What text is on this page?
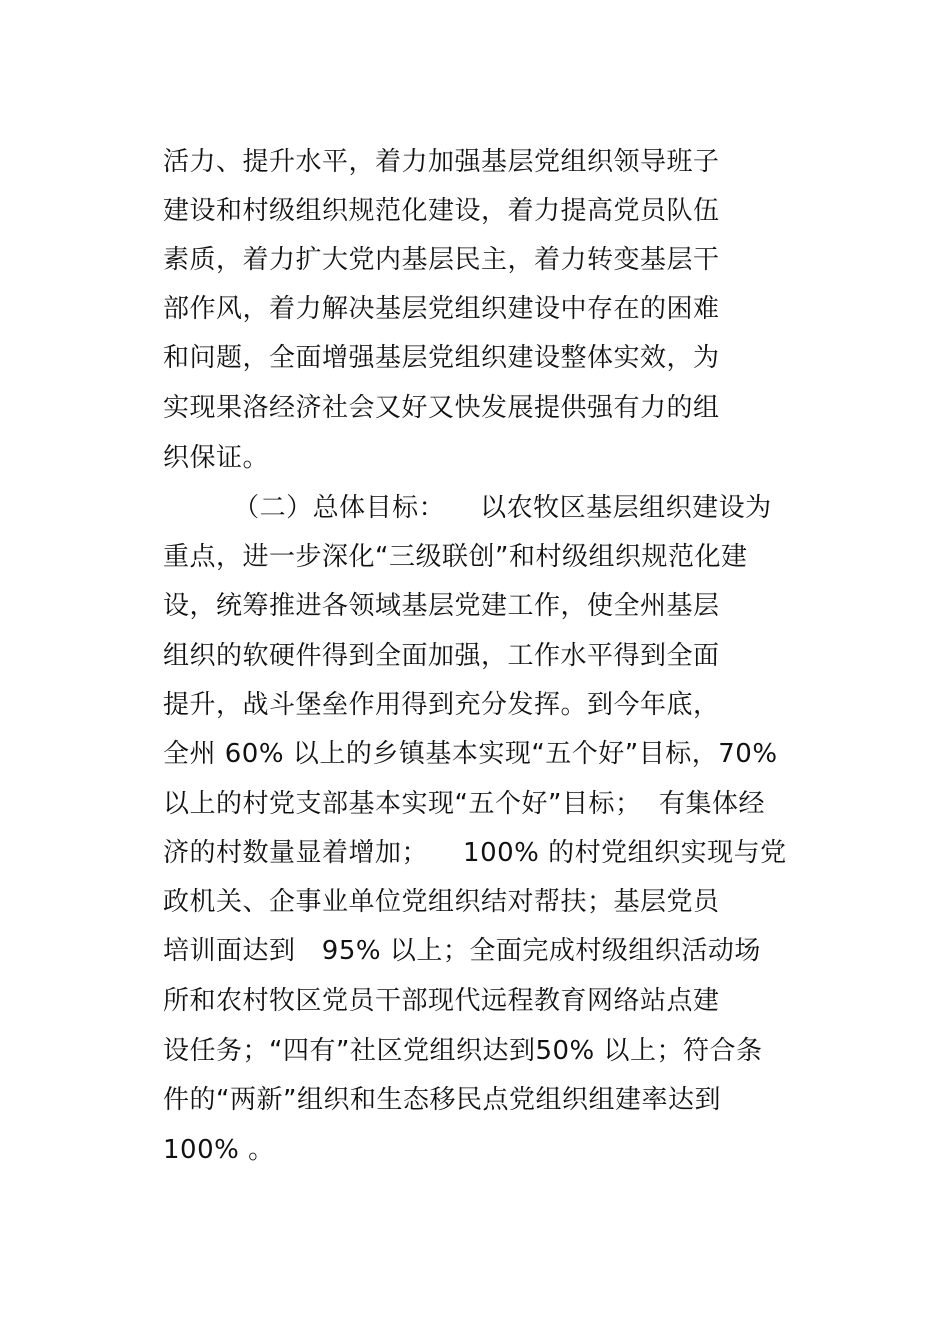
活力、提升水平，着力加强基层党组织领导班子
建设和村级组织规范化建设，着力提高党员队伍
素质，着力扩大党内基层民主，着力转变基层干
部作风，着力解决基层党组织建设中存在的困难
和问题，全面增强基层党组织建设整体实效，为
实现果洛经济社会又好又快发展提供强有力的组
织保证。
（二）总体目标：    以农牧区基层组织建设为
重点，进一步深化“三级联创”和村级组织规范化建
设，统筹推进各领域基层党建工作，使全州基层
组织的软硬件得到全面加强，工作水平得到全面
提升，战斗堡垒作用得到充分发挥。到今年底，
全州 60% 以上的乡镇基本实现“五个好”目标，70%
以上的村党支部基本实现“五个好”目标；  有集体经
济的村数量显着增加；    100% 的村党组织实现与党
政机关、企事业单位党组织结对帮扶；基层党员
培训面达到   95% 以上；全面完成村级组织活动场
所和农村牧区党员干部现代远程教育网络站点建
设任务；“四有”社区党组织达到50% 以上；符合条
件的“两新”组织和生态移民点党组织组建率达到
100% 。
